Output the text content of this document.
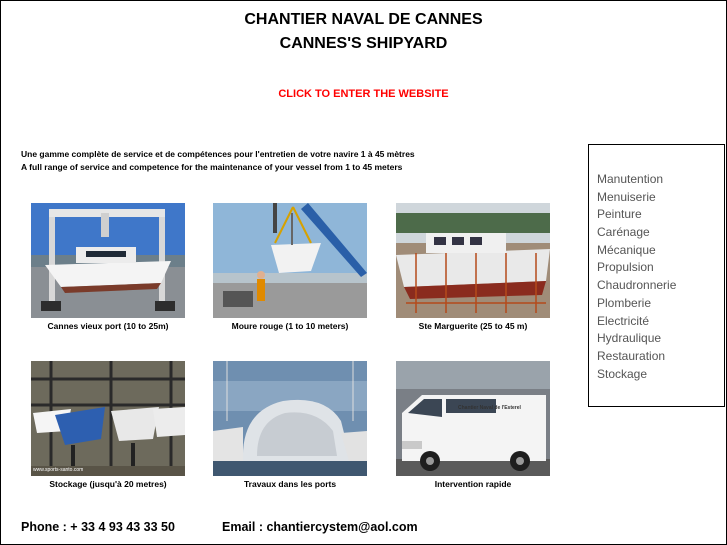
CHANTIER NAVAL DE CANNES
CANNES'S SHIPYARD
CLICK TO ENTER THE WEBSITE
Une gamme complète de service et de compétences pour l'entretien de votre navire 1 à 45 mètres
A full range of service and competence for the maintenance of your vessel from 1 to 45 meters
Cannes vieux port (10 to 25m)	Moure rouge (1 to 10 meters)	Ste Marguerite (25 to 45 m)
www.sports-santo.com
Stockage (jusqu'à 20 metres)	Travaux dans les ports
Chantier Naval de l'Esterel
Intervention rapide
Manutention
Menuiserie
Peinture
Carénage
Mécanique
Propulsion
Chaudronnerie
Plomberie
Electricité
Hydraulique
Restauration
Stockage
Phone : + 33 4 93 43 33 50	Email : chantiercystem@aol.com
